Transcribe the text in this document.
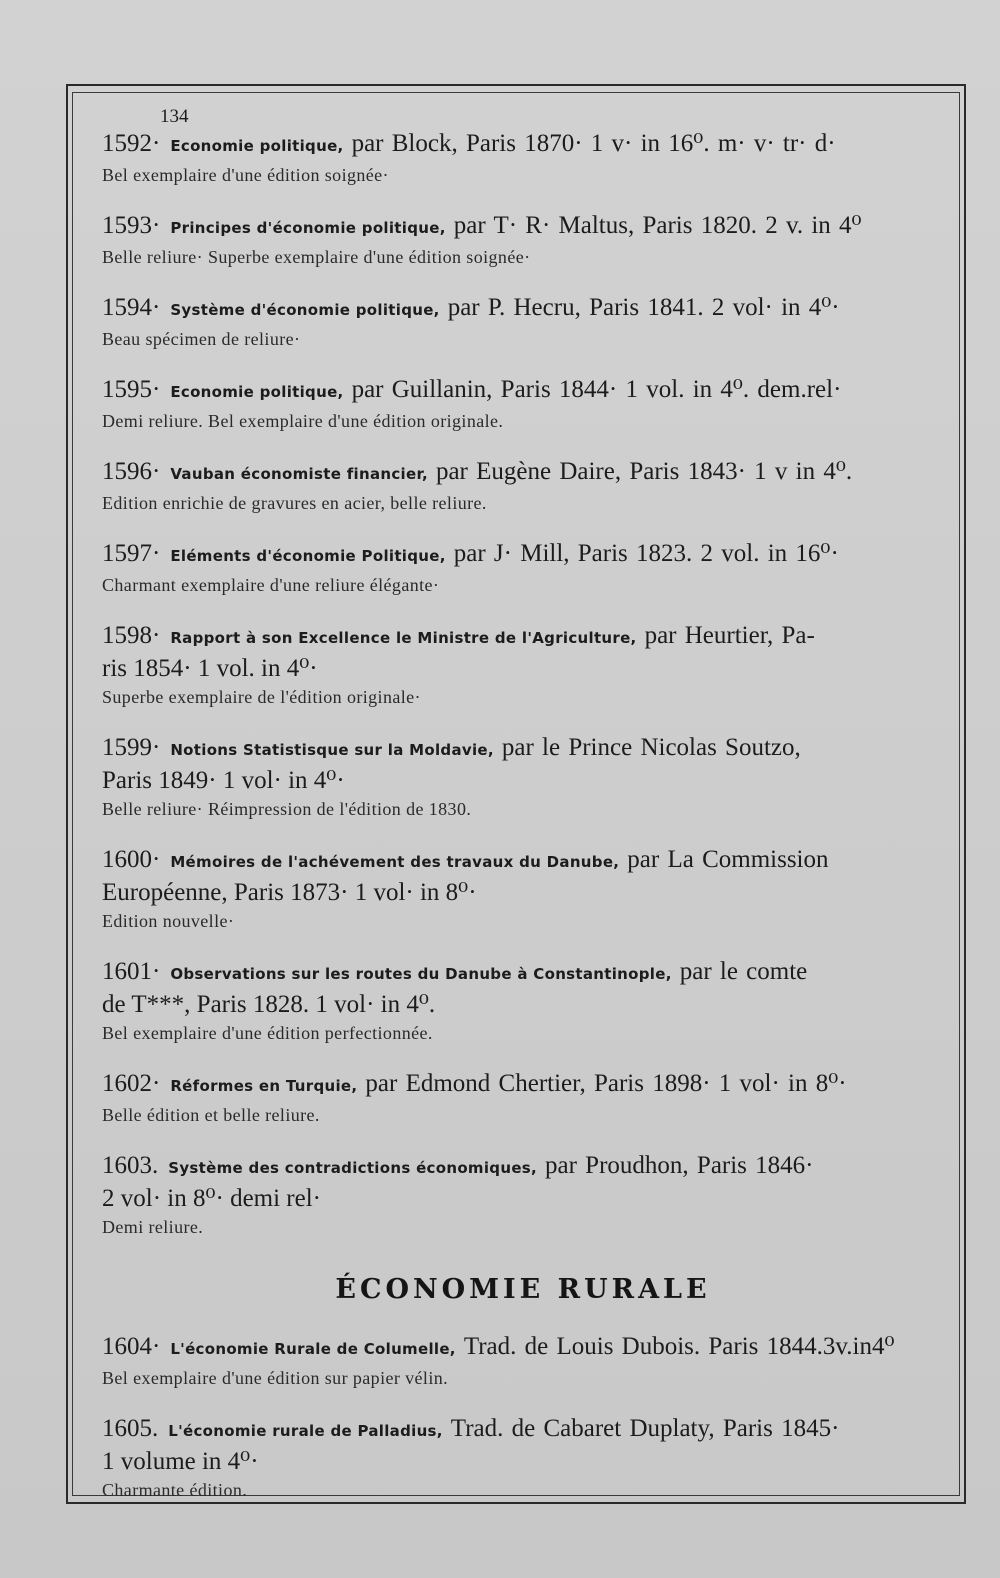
134
1592· Economie politique, par Block, Paris 1870· 1 v· in 16⁰. m· v· tr· d·
Bel exemplaire d'une édition soignée·
1593· Principes d'économie politique, par T· R· Maltus, Paris 1820. 2 v. in 4⁰
Belle reliure· Superbe exemplaire d'une édition soignée·
1594· Système d'économie politique, par P. Hecru, Paris 1841. 2 vol· in 4⁰·
Beau spécimen de reliure·
1595· Economie politique, par Guillanin, Paris 1844· 1 vol. in 4⁰. dem.rel·
Demi reliure. Bel exemplaire d'une édition originale.
1596· Vauban économiste financier, par Eugène Daire, Paris 1843· 1 v in 4⁰.
Edition enrichie de gravures en acier, belle reliure.
1597· Eléments d'économie Politique, par J· Mill, Paris 1823. 2 vol. in 16⁰·
Charmant exemplaire d'une reliure élégante·
1598· Rapport à son Excellence le Ministre de l'Agriculture, par Heurtier, Pa-
ris 1854· 1 vol. in 4⁰·
Superbe exemplaire de l'édition originale·
1599· Notions Statistisque sur la Moldavie, par le Prince Nicolas Soutzo,
Paris 1849· 1 vol· in 4⁰·
Belle reliure· Réimpression de l'édition de 1830.
1600· Mémoires de l'achévement des travaux du Danube, par La Commission
Européenne, Paris 1873· 1 vol· in 8⁰·
Edition nouvelle·
1601· Observations sur les routes du Danube à Constantinople, par le comte
de T***, Paris 1828. 1 vol· in 4⁰.
Bel exemplaire d'une édition perfectionnée.
1602· Réformes en Turquie, par Edmond Chertier, Paris 1898· 1 vol· in 8⁰·
Belle édition et belle reliure.
1603. Système des contradictions économiques, par Proudhon, Paris 1846·
2 vol· in 8⁰· demi rel·
Demi reliure.
ÉCONOMIE RURALE
1604· L'économie Rurale de Columelle, Trad. de Louis Dubois. Paris 1844.3v.in4⁰
Bel exemplaire d'une édition sur papier vélin.
1605. L'économie rurale de Palladius, Trad. de Cabaret Duplaty, Paris 1845·
1 volume in 4⁰·
Charmante édition.
